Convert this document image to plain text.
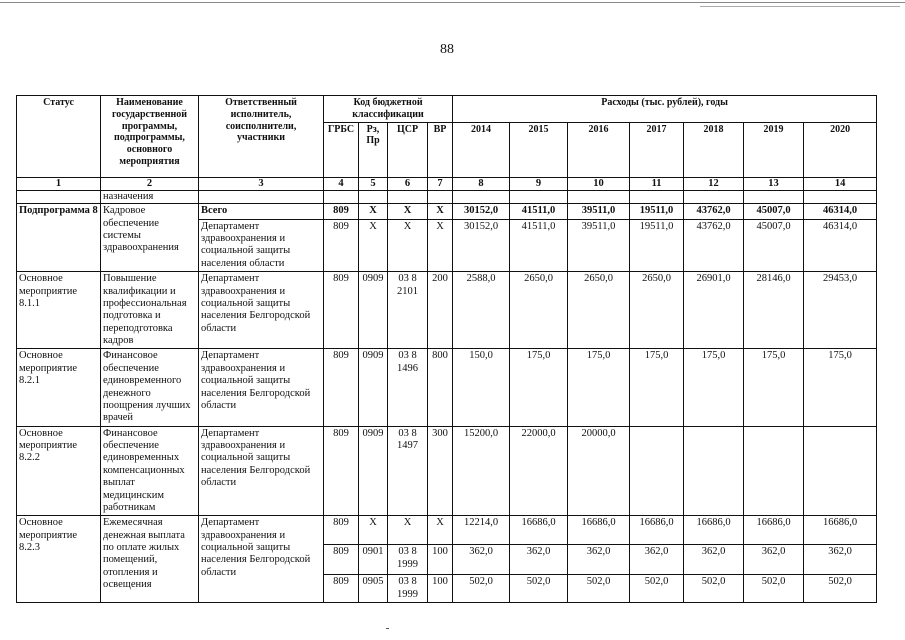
88
Статус	Наименование государственной программы, подпрограммы, основного мероприятия	Ответственный исполнитель, соисполнители, участники	Код бюджетной классификации				Расходы (тыс. рублей), годы						
			ГРБС	Рз, Пр	ЦСР	ВР	2014	2015	2016	2017	2018	2019	2020
1	2	3	4	5	6	7	8	9	10	11	12	13	14
	назначения												
Подпрограмма 8	Кадровое обеспечение системы здравоохранения	Всего	809	Х	Х	Х	30152,0	41511,0	39511,0	19511,0	43762,0	45007,0	46314,0
		Департамент здравоохранения и социальной защиты населения области	809	Х	Х	Х	30152,0	41511,0	39511,0	19511,0	43762,0	45007,0	46314,0
Основное мероприятие 8.1.1	Повышение квалификации и профессиональная подготовка и переподготовка кадров	Департамент здравоохранения и социальной защиты населения Белгородской области	809	0909	03 8 2101	200	2588,0	2650,0	2650,0	2650,0	26901,0	28146,0	29453,0
Основное мероприятие 8.2.1	Финансовое обеспечение единовременного денежного поощрения лучших врачей	Департамент здравоохранения и социальной защиты населения Белгородской области	809	0909	03 8 1496	800	150,0	175,0	175,0	175,0	175,0	175,0	175,0
Основное мероприятие 8.2.2	Финансовое обеспечение единовременных компенсационных выплат медицинским работникам	Департамент здравоохранения и социальной защиты населения Белгородской области	809	0909	03 8 1497	300	15200,0	22000,0	20000,0				
Основное мероприятие 8.2.3	Ежемесячная денежная выплата по оплате жилых помещений, отопления и освещения	Департамент здравоохранения и социальной защиты населения Белгородской области	809	Х	Х	Х	12214,0	16686,0	16686,0	16686,0	16686,0	16686,0	16686,0
			809	0901	03 8 1999	100	362,0	362,0	362,0	362,0	362,0	362,0	362,0
			809	0905	03 8 1999	100	502,0	502,0	502,0	502,0	502,0	502,0	502,0
